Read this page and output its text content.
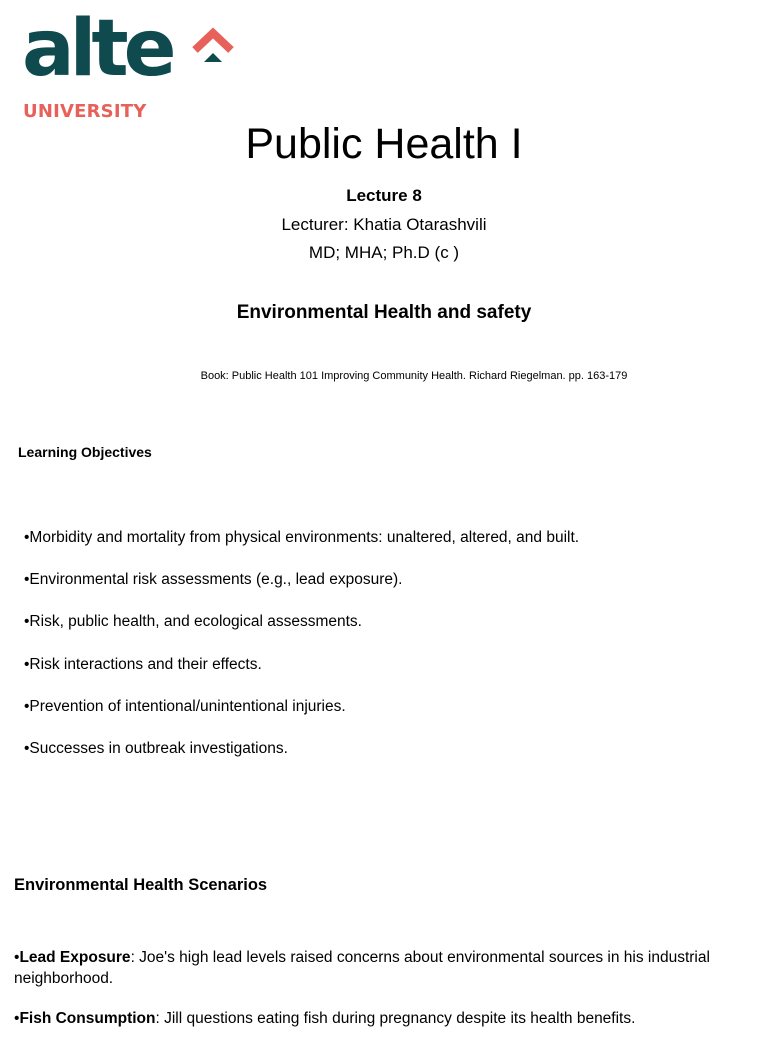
alte
UNIVERSITY
Public Health I
Lecture 8
Lecturer: Khatia Otarashvili
MD; MHA; Ph.D (c )
Environmental Health and safety
Book: Public Health 101 Improving Community Health. Richard Riegelman. pp. 163-179
Learning Objectives
•Morbidity and mortality from physical environments: unaltered, altered, and built.
•Environmental risk assessments (e.g., lead exposure).
•Risk, public health, and ecological assessments.
•Risk interactions and their effects.
•Prevention of intentional/unintentional injuries.
•Successes in outbreak investigations.
Environmental Health Scenarios
•Lead Exposure: Joe's high lead levels raised concerns about environmental sources in his industrial neighborhood.
•Fish Consumption: Jill questions eating fish during pregnancy despite its health benefits.
